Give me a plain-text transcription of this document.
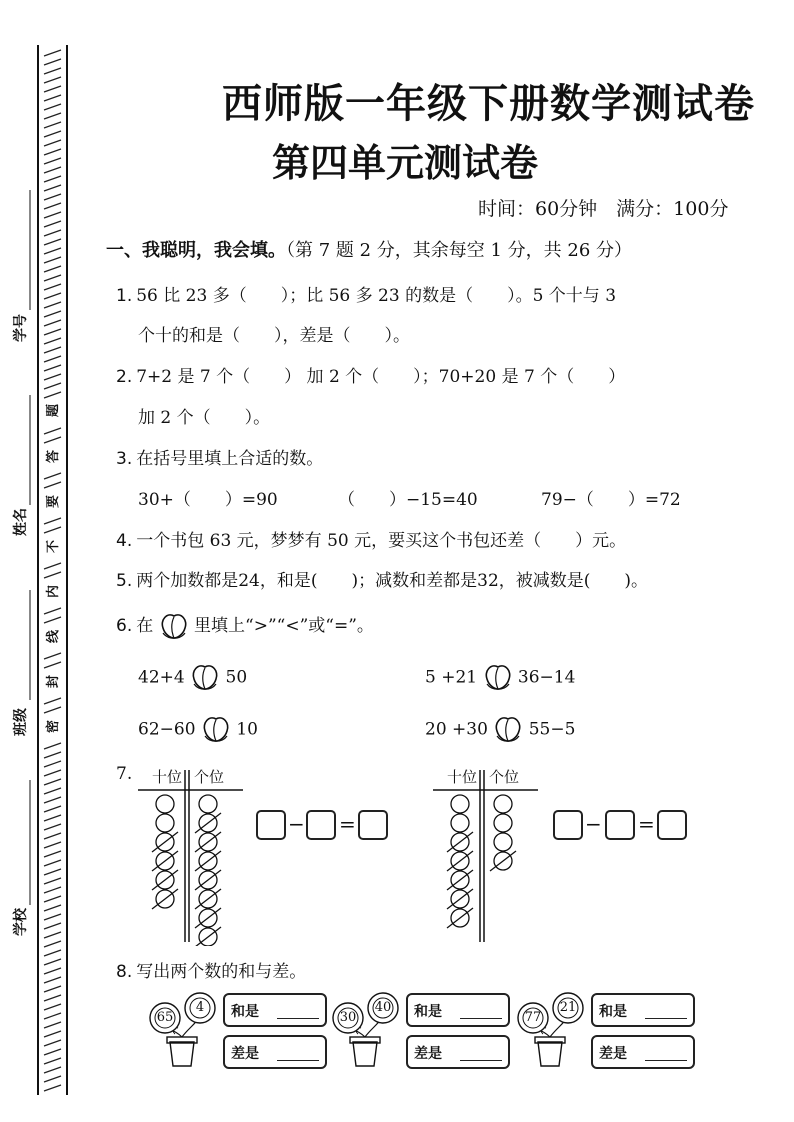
学号
姓名
班级
学校
题
答
要
不
内
线
封
密
西师版一年级下册数学测试卷
第四单元测试卷
时间：60分钟　满分：100分
一、我聪明，我会填。（第 7 题 2 分，其余每空 1 分，共 26 分）
1. 56 比 23 多（　　）；比 56 多 23 的数是（　　）。5 个十与 3
个十的和是（　　），差是（　　）。
2. 7+2 是 7 个（　　） 加 2 个（　　）；70+20 是 7 个（　　）
加 2 个（　　）。
3. 在括号里填上合适的数。
30+（　　）=90	（　　）−15=40	79−（　　）=72
4. 一个书包 63 元，梦梦有 50 元，要买这个书包还差（　　）元。
5. 两个加数都是24，和是(　　)；减数和差都是32，被减数是(　　)。
6. 在 里填上“>”“<”或“=”。
42+4 50	5 +21 36−14
62−60 10	20 +30 55−5
7. 十位 个位
− =
十位 个位
− =
8. 写出两个数的和与差。
65
4	和是
差是
30
40 和是
差是
77
21 和是
差是
